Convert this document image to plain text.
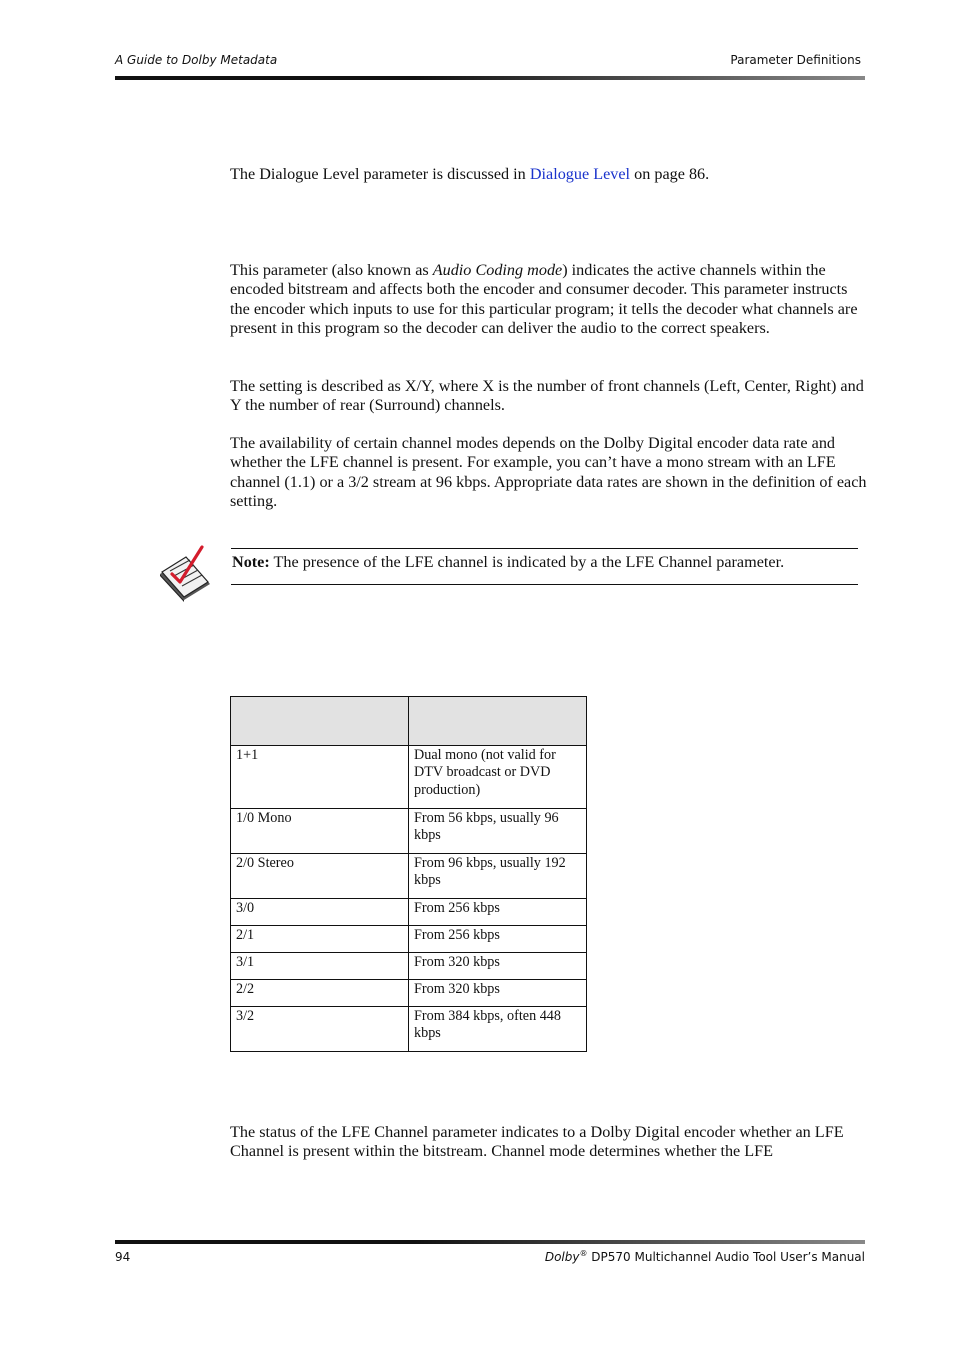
A Guide to Dolby Metadata	Parameter Definitions

The Dialogue Level parameter is discussed in Dialogue Level on page 86.

This parameter (also known as Audio Coding mode) indicates the active channels within the encoded bitstream and affects both the encoder and consumer decoder. This parameter instructs the encoder which inputs to use for this particular program; it tells the decoder what channels are present in this program so the decoder can deliver the audio to the correct speakers.

The setting is described as X/Y, where X is the number of front channels (Left, Center, Right) and Y the number of rear (Surround) channels.

The availability of certain channel modes depends on the Dolby Digital encoder data rate and whether the LFE channel is present. For example, you can’t have a mono stream with an LFE channel (1.1) or a 3/2 stream at 96 kbps. Appropriate data rates are shown in the definition of each setting.

Note: The presence of the LFE channel is indicated by a the LFE Channel parameter.

1+1	Dual mono (not valid for DTV broadcast or DVD production)
1/0 Mono	From 56 kbps, usually 96 kbps
2/0 Stereo	From 96 kbps, usually 192 kbps
3/0	From 256 kbps
2/1	From 256 kbps
3/1	From 320 kbps
2/2	From 320 kbps
3/2	From 384 kbps, often 448 kbps

The status of the LFE Channel parameter indicates to a Dolby Digital encoder whether an LFE Channel is present within the bitstream. Channel mode determines whether the LFE

94	Dolby® DP570 Multichannel Audio Tool User’s Manual
